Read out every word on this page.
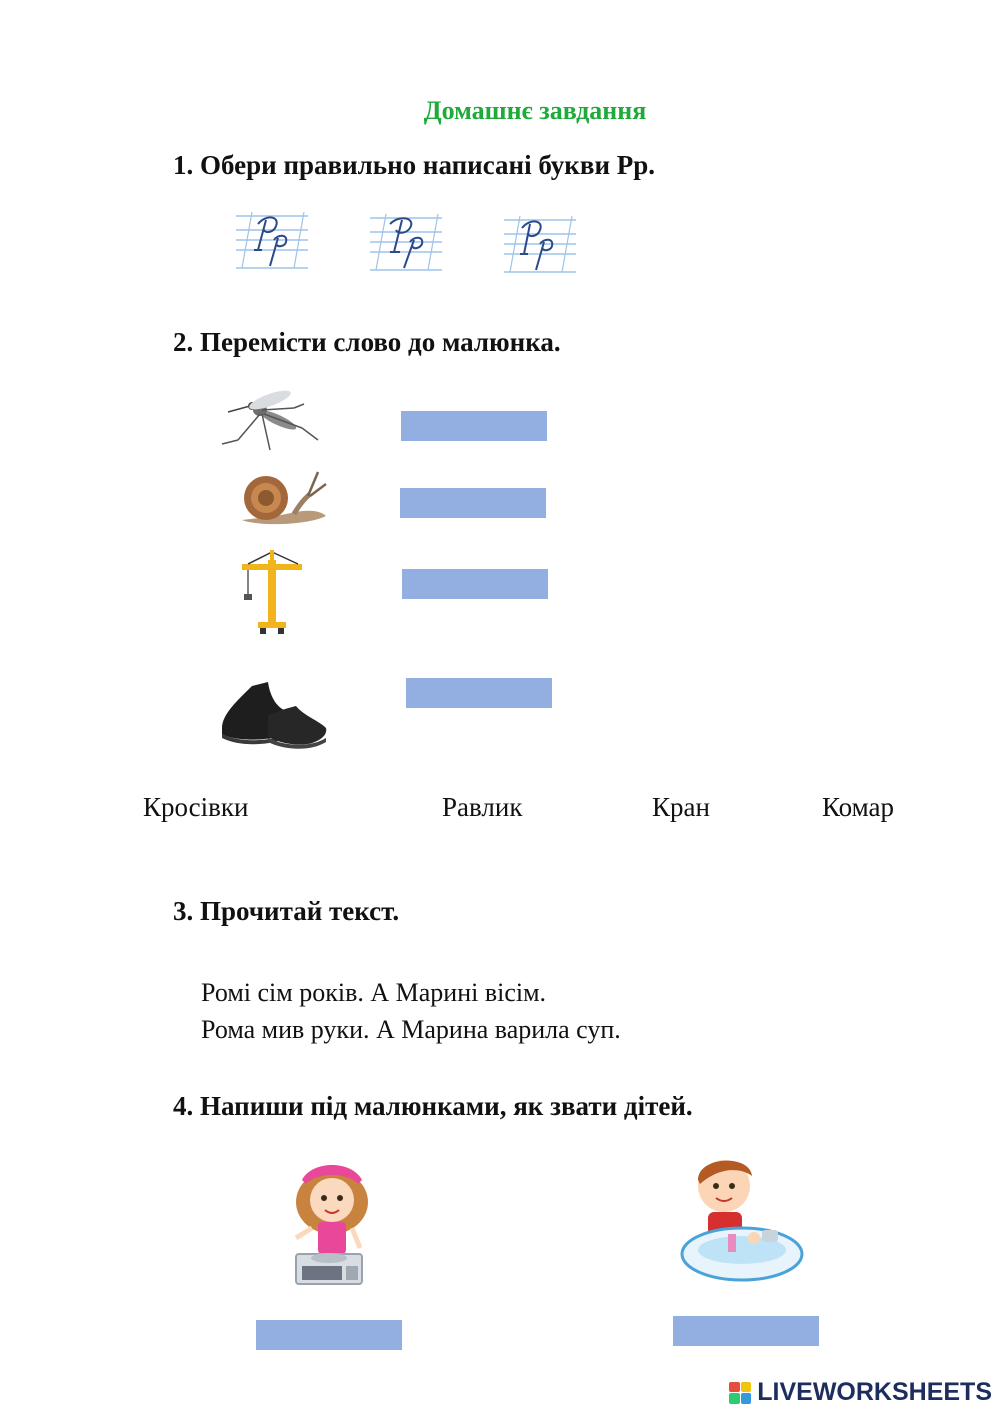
Домашнє завдання
1. Обери правильно написані букви Рр.
2. Перемісти слово до малюнка.
Кросівки	Равлик	Кран	Комар
3. Прочитай текст.
Ромі сім років. А Марині вісім.
Рома мив руки. А Марина варила суп.
4. Напиши під малюнками, як звати дітей.
LIVEWORKSHEETS
